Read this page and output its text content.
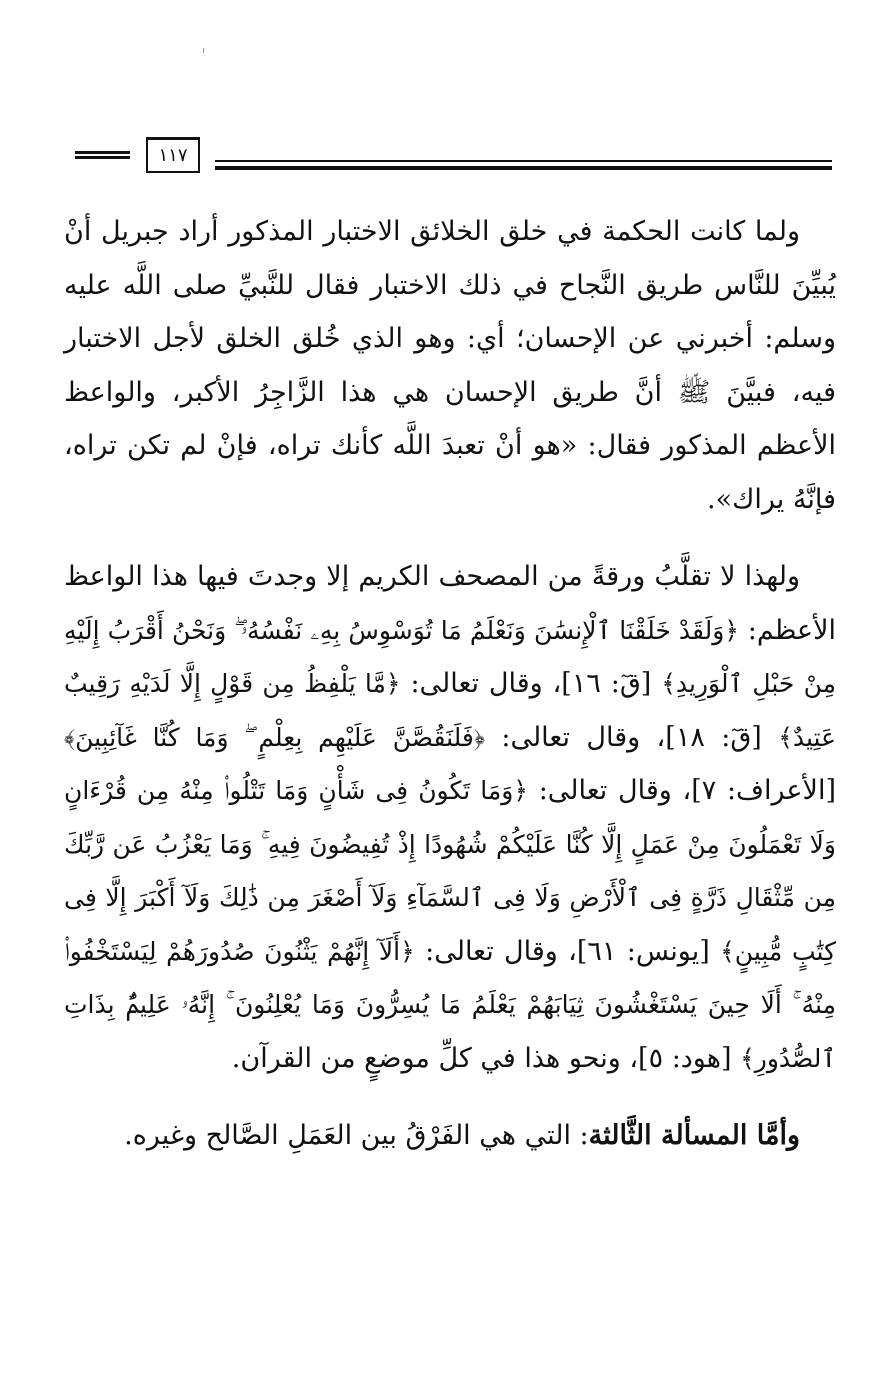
١١٧

ولما كانت الحكمة في خلق الخلائق الاختبار المذكور أراد جبريل أنْ يُبيِّنَ للنَّاس طريق النَّجاح في ذلك الاختبار فقال للنَّبيِّ صلى اللَّه عليه وسلم: أخبرني عن الإحسان؛ أي: وهو الذي خُلق الخلق لأجل الاختبار فيه، فبيَّنَ ﷺ أنَّ طريق الإحسان هي هذا الزَّاجِرُ الأكبر، والواعظ الأعظم المذكور فقال: «هو أنْ تعبدَ اللَّه كأنك تراه، فإنْ لم تكن تراه، فإنَّهُ يراك».

ولهذا لا تقلَّبُ ورقةً من المصحف الكريم إلا وجدتَ فيها هذا الواعظ الأعظم: ﴿وَلَقَدْ خَلَقْنَا ٱلْإِنسَٰنَ وَنَعْلَمُ مَا تُوَسْوِسُ بِهِۦ نَفْسُهُۥ ۖ وَنَحْنُ أَقْرَبُ إِلَيْهِ مِنْ حَبْلِ ٱلْوَرِيدِ﴾ [قٓ: ١٦]، وقال تعالى: ﴿مَّا يَلْفِظُ مِن قَوْلٍ إِلَّا لَدَيْهِ رَقِيبٌ عَتِيدٌ﴾ [قٓ: ١٨]، وقال تعالى: ﴿فَلَنَقُصَّنَّ عَلَيْهِم بِعِلْمٍ ۖ وَمَا كُنَّا غَآئِبِينَ﴾ [الأعراف: ٧]، وقال تعالى: ﴿وَمَا تَكُونُ فِى شَأْنٍ وَمَا تَتْلُوا۟ مِنْهُ مِن قُرْءَانٍ وَلَا تَعْمَلُونَ مِنْ عَمَلٍ إِلَّا كُنَّا عَلَيْكُمْ شُهُودًا إِذْ تُفِيضُونَ فِيهِ ۚ وَمَا يَعْزُبُ عَن رَّبِّكَ مِن مِّثْقَالِ ذَرَّةٍ فِى ٱلْأَرْضِ وَلَا فِى ٱلسَّمَآءِ وَلَآ أَصْغَرَ مِن ذَٰلِكَ وَلَآ أَكْبَرَ إِلَّا فِى كِتَٰبٍ مُّبِينٍ﴾ [يونس: ٦١]، وقال تعالى: ﴿أَلَآ إِنَّهُمْ يَثْنُونَ صُدُورَهُمْ لِيَسْتَخْفُوا۟ مِنْهُ ۚ أَلَا حِينَ يَسْتَغْشُونَ ثِيَابَهُمْ يَعْلَمُ مَا يُسِرُّونَ وَمَا يُعْلِنُونَ ۚ إِنَّهُۥ عَلِيمٌۢ بِذَاتِ ٱلصُّدُورِ﴾ [هود: ٥]، ونحو هذا في كلِّ موضعٍ من القرآن.

وأمَّا المسألة الثَّالثة: التي هي الفَرْقُ بين العَمَلِ الصَّالح وغيره.
